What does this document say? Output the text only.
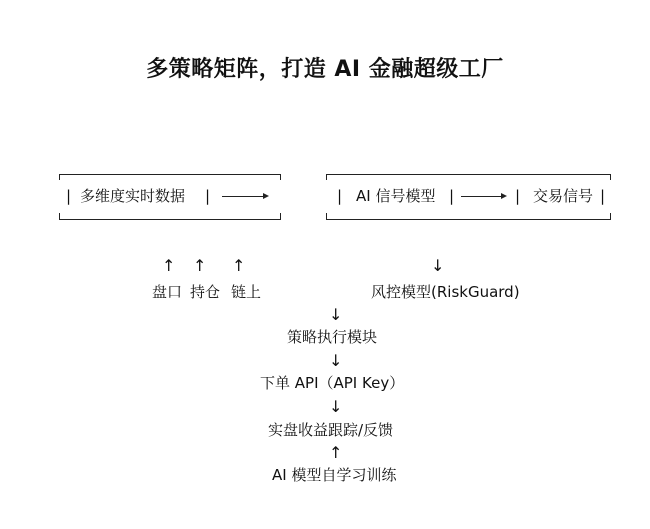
多策略矩阵，打造 AI 金融超级工厂
| 多维度实时数据 |	| AI 信号模型 |	| 交易信号 |
↑ ↑ ↑
盘口 持仓 链上
↓
风控模型(RiskGuard)
↓
策略执行模块
↓
下单 API（API Key）
↓
实盘收益跟踪/反馈
↑
AI 模型自学习训练
